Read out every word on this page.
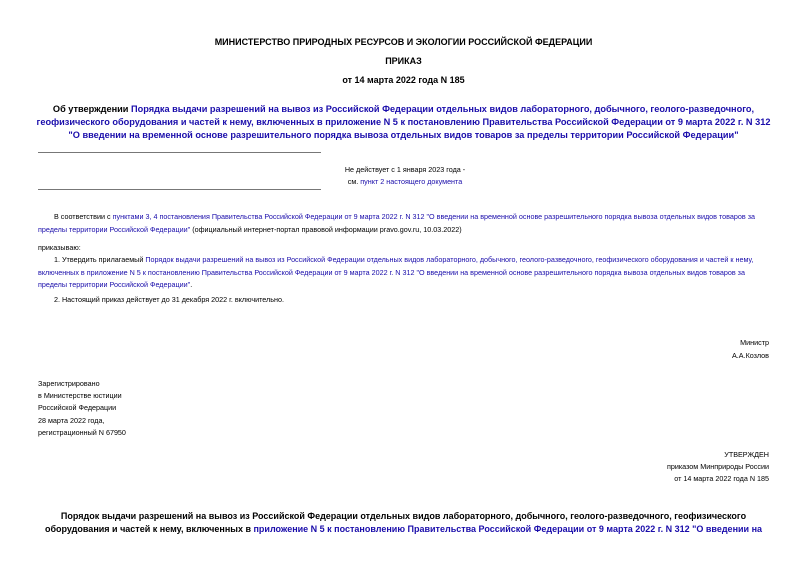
МИНИСТЕРСТВО ПРИРОДНЫХ РЕСУРСОВ И ЭКОЛОГИИ РОССИЙСКОЙ ФЕДЕРАЦИИ
ПРИКАЗ
от 14 марта 2022 года N 185
Об утверждении Порядка выдачи разрешений на вывоз из Российской Федерации отдельных видов лабораторного, добычного, геолого-разведочного, геофизического оборудования и частей к нему, включенных в приложение N 5 к постановлению Правительства Российской Федерации от 9 марта 2022 г. N 312 "О введении на временной основе разрешительного порядка вывоза отдельных видов товаров за пределы территории Российской Федерации"
Не действует с 1 января 2023 года -
см. пункт 2 настоящего документа
В соответствии с пунктами 3, 4 постановления Правительства Российской Федерации от 9 марта 2022 г. N 312 "О введении на временной основе разрешительного порядка вывоза отдельных видов товаров за пределы территории Российской Федерации" (официальный интернет-портал правовой информации pravo.gov.ru, 10.03.2022)
приказываю:
1. Утвердить прилагаемый Порядок выдачи разрешений на вывоз из Российской Федерации отдельных видов лабораторного, добычного, геолого-разведочного, геофизического оборудования и частей к нему, включенных в приложение N 5 к постановлению Правительства Российской Федерации от 9 марта 2022 г. N 312 "О введении на временной основе разрешительного порядка вывоза отдельных видов товаров за пределы территории Российской Федерации".
2. Настоящий приказ действует до 31 декабря 2022 г. включительно.
Министр
А.А.Козлов
Зарегистрировано
в Министерстве юстиции
Российской Федерации
28 марта 2022 года,
регистрационный N 67950
УТВЕРЖДЕН
приказом Минприроды России
от 14 марта 2022 года N 185
Порядок выдачи разрешений на вывоз из Российской Федерации отдельных видов лабораторного, добычного, геолого-разведочного, геофизического оборудования и частей к нему, включенных в приложение N 5 к постановлению Правительства Российской Федерации от 9 марта 2022 г. N 312 "О введении на
